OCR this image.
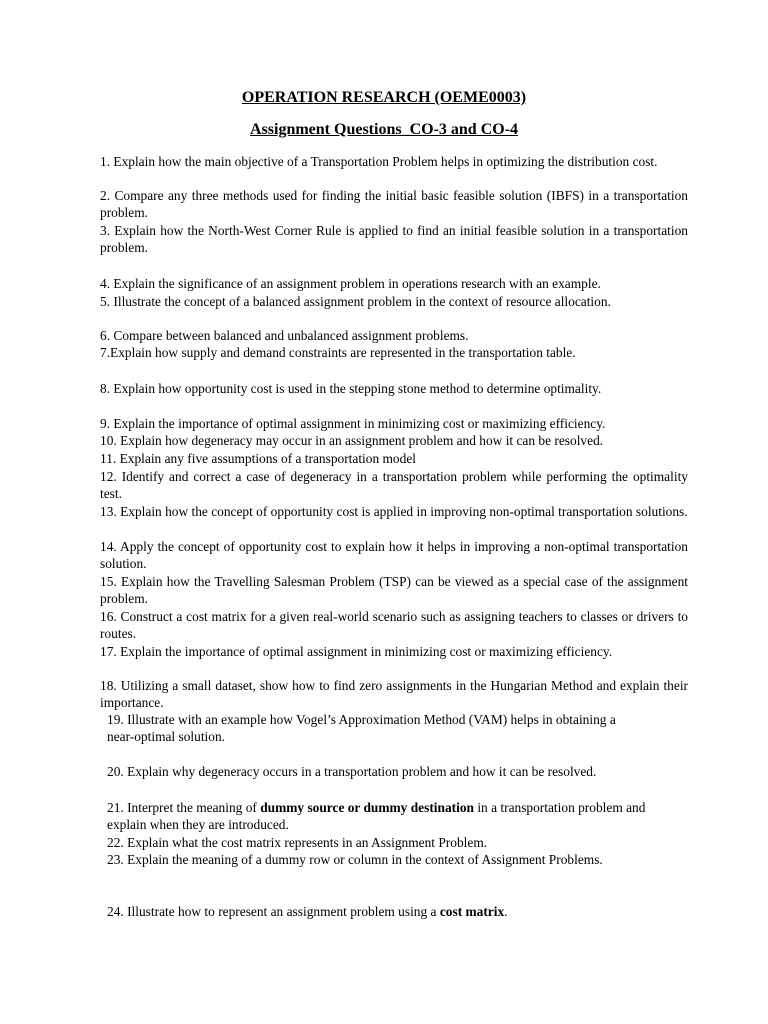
OPERATION RESEARCH (OEME0003)
Assignment Questions_CO-3 and CO-4

1. Explain how the main objective of a Transportation Problem helps in optimizing the distribution cost.

2. Compare any three methods used for finding the initial basic feasible solution (IBFS) in a transportation problem.

3. Explain how the North-West Corner Rule is applied to find an initial feasible solution in a transportation problem.

4. Explain the significance of an assignment problem in operations research with an example.

5. Illustrate the concept of a balanced assignment problem in the context of resource allocation.

6. Compare between balanced and unbalanced assignment problems.

7.Explain how supply and demand constraints are represented in the transportation table.

8. Explain how opportunity cost is used in the stepping stone method to determine optimality.

9. Explain the importance of optimal assignment in minimizing cost or maximizing efficiency.

10. Explain how degeneracy may occur in an assignment problem and how it can be resolved.

11. Explain any five assumptions of a transportation model

12. Identify and correct a case of degeneracy in a transportation problem while performing the optimality test.

13. Explain how the concept of opportunity cost is applied in improving non-optimal transportation solutions.

14. Apply the concept of opportunity cost to explain how it helps in improving a non-optimal transportation solution.

15. Explain how the Travelling Salesman Problem (TSP) can be viewed as a special case of the assignment problem.

16. Construct a cost matrix for a given real-world scenario such as assigning teachers to classes or drivers to routes.

17. Explain the importance of optimal assignment in minimizing cost or maximizing efficiency.

18. Utilizing a small dataset, show how to find zero assignments in the Hungarian Method and explain their importance.

19. Illustrate with an example how Vogel’s Approximation Method (VAM) helps in obtaining a near-optimal solution.

20. Explain why degeneracy occurs in a transportation problem and how it can be resolved.

21. Interpret the meaning of dummy source or dummy destination in a transportation problem and explain when they are introduced.

22. Explain what the cost matrix represents in an Assignment Problem.

23. Explain the meaning of a dummy row or column in the context of Assignment Problems.

24. Illustrate how to represent an assignment problem using a cost matrix.
